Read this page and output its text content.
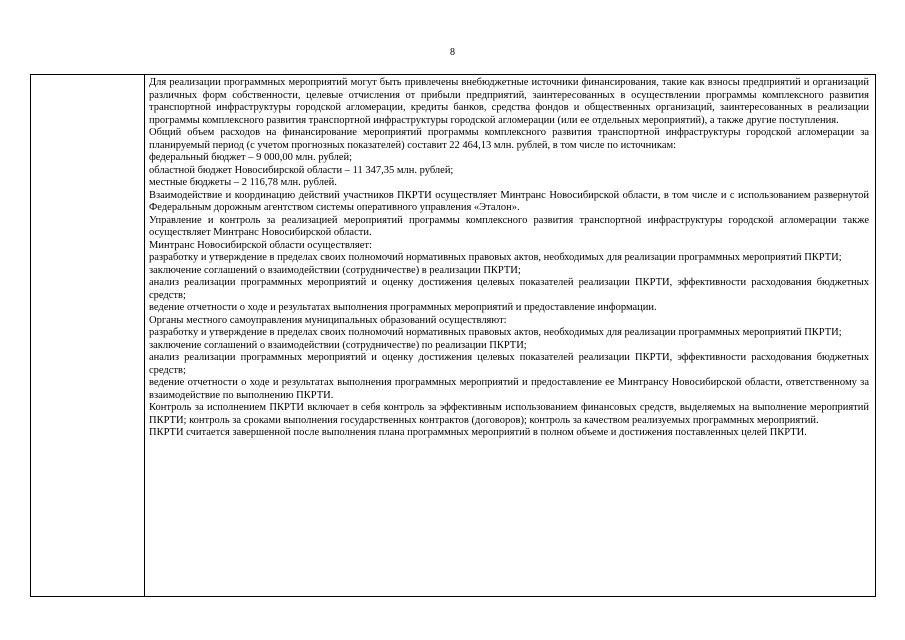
8

Для реализации программных мероприятий могут быть привлечены внебюджетные источники финансирования, такие как взносы предприятий и организаций различных форм собственности, целевые отчисления от прибыли предприятий, заинтересованных в осуществлении программы комплексного развития транспортной инфраструктуры городской агломерации, кредиты банков, средства фондов и общественных организаций, заинтересованных в реализации программы комплексного развития транспортной инфраструктуры городской агломерации (или ее отдельных мероприятий), а также другие поступления.

Общий объем расходов на финансирование мероприятий программы комплексного развития транспортной инфраструктуры городской агломерации за планируемый период (с учетом прогнозных показателей) составит 22 464,13 млн. рублей, в том числе по источникам:

федеральный бюджет – 9 000,00 млн. рублей;

областной бюджет Новосибирской области – 11 347,35 млн. рублей;

местные бюджеты – 2 116,78 млн. рублей.

Взаимодействие и координацию действий участников ПКРТИ осуществляет Минтранс Новосибирской области, в том числе и с использованием развернутой Федеральным дорожным агентством системы оперативного управления «Эталон».

Управление и контроль за реализацией мероприятий программы комплексного развития транспортной инфраструктуры городской агломерации также осуществляет Минтранс Новосибирской области.

Минтранс Новосибирской области осуществляет:

разработку и утверждение в пределах своих полномочий нормативных правовых актов, необходимых для реализации программных мероприятий ПКРТИ;

заключение соглашений о взаимодействии (сотрудничестве) в реализации ПКРТИ;

анализ реализации программных мероприятий и оценку достижения целевых показателей реализации ПКРТИ, эффективности расходования бюджетных средств;

ведение отчетности о ходе и результатах выполнения программных мероприятий и предоставление информации.

Органы местного самоуправления муниципальных образований осуществляют:

разработку и утверждение в пределах своих полномочий нормативных правовых актов, необходимых для реализации программных мероприятий ПКРТИ;

заключение соглашений о взаимодействии (сотрудничестве) по реализации ПКРТИ;

анализ реализации программных мероприятий и оценку достижения целевых показателей реализации ПКРТИ, эффективности расходования бюджетных средств;

ведение отчетности о ходе и результатах выполнения программных мероприятий и предоставление ее Минтрансу Новосибирской области, ответственному за взаимодействие по выполнению ПКРТИ.

Контроль за исполнением ПКРТИ включает в себя контроль за эффективным использованием финансовых средств, выделяемых на выполнение мероприятий ПКРТИ; контроль за сроками выполнения государственных контрактов (договоров); контроль за качеством реализуемых программных мероприятий.

ПКРТИ считается завершенной после выполнения плана программных мероприятий в полном объеме и достижения поставленных целей ПКРТИ.
